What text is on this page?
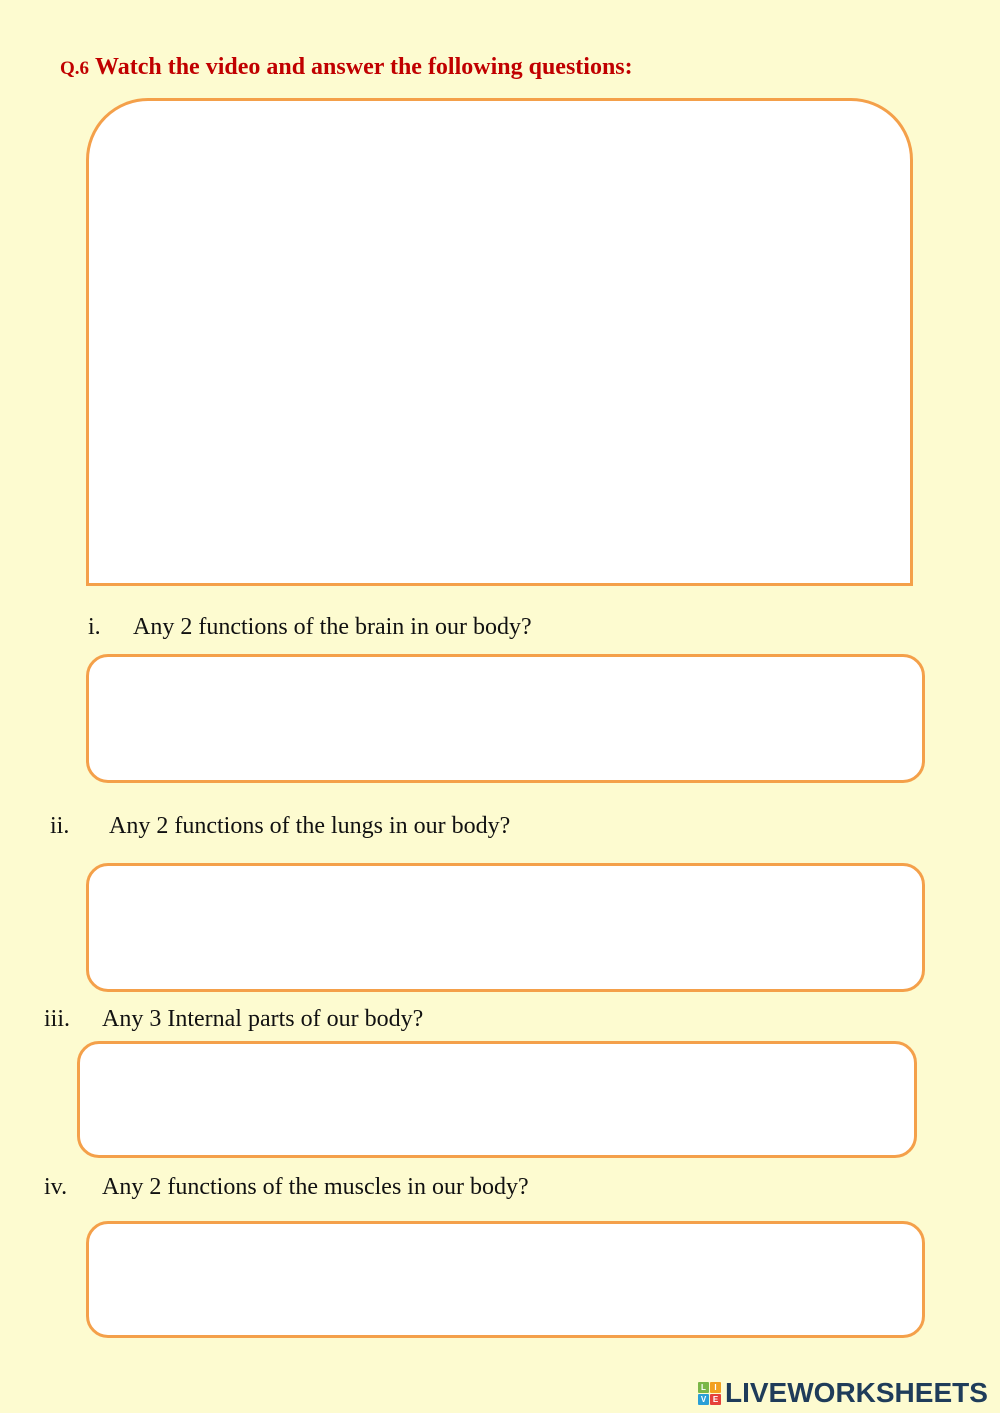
Q.6 Watch the video and answer the following questions:
i. Any 2 functions of the brain in our body?
ii. Any 2 functions of the lungs in our body?
iii. Any 3 Internal parts of our body?
iv. Any 2 functions of the muscles in our body?
L	I
V E LIVEWORKSHEETS
